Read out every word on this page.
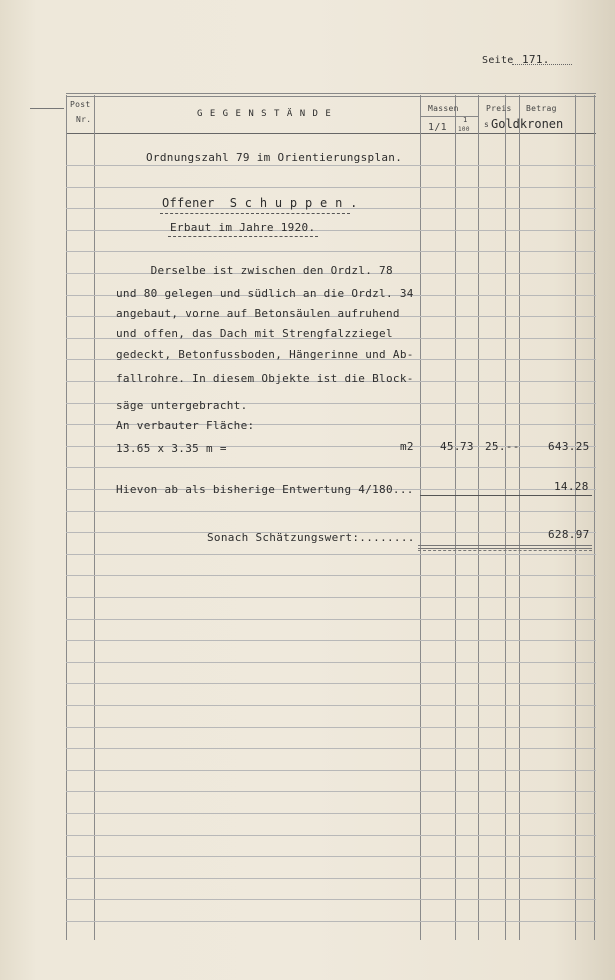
Seite 171.
Post
Nr.
G E G E N S T Ä N D E
Massen	Preis Betrag
1/1
1
100
s Goldkronen
Ordnungszahl 79 im Orientierungsplan.
Offener  S c h u p p e n .
Erbaut im Jahre 1920.
Derselbe ist zwischen den Ordzl. 78
und 80 gelegen und südlich an die Ordzl. 34
angebaut, vorne auf Betonsäulen aufruhend
und offen, das Dach mit Strengfalzziegel
gedeckt, Betonfussboden, Hängerinne und Ab-
fallrohre. In diesem Objekte ist die Block-
säge untergebracht.
An verbauter Fläche:
13.65 x 3.35 m =	m2 45. 73 25.--	643.25
Hievon ab als bisherige Entwertung 4/180...	14.28
Sonach Schätzungswert:........	628.97
